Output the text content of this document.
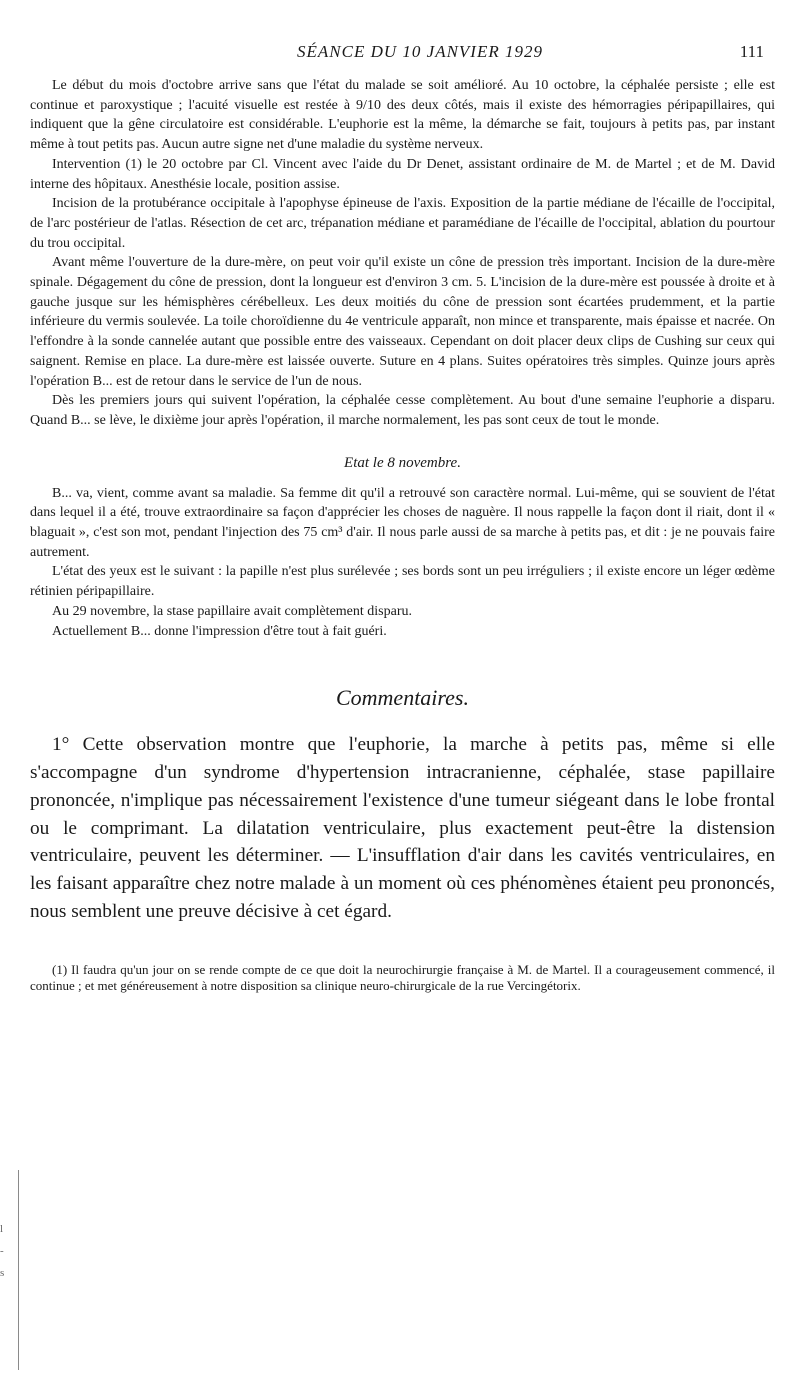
SÉANCE DU 10 JANVIER 1929	111

Le début du mois d'octobre arrive sans que l'état du malade se soit amélioré. Au 10 octobre, la céphalée persiste ; elle est continue et paroxystique ; l'acuité visuelle est restée à 9/10 des deux côtés, mais il existe des hémorragies péripapillaires, qui indiquent que la gêne circulatoire est considérable. L'euphorie est la même, la démarche se fait, toujours à petits pas, par instant même à tout petits pas. Aucun autre signe net d'une maladie du système nerveux.

Intervention (1) le 20 octobre par Cl. Vincent avec l'aide du Dr Denet, assistant ordinaire de M. de Martel ; et de M. David interne des hôpitaux. Anesthésie locale, position assise.

Incision de la protubérance occipitale à l'apophyse épineuse de l'axis. Exposition de la partie médiane de l'écaille de l'occipital, de l'arc postérieur de l'atlas. Résection de cet arc, trépanation médiane et paramédiane de l'écaille de l'occipital, ablation du pourtour du trou occipital.

Avant même l'ouverture de la dure-mère, on peut voir qu'il existe un cône de pression très important. Incision de la dure-mère spinale. Dégagement du cône de pression, dont la longueur est d'environ 3 cm. 5. L'incision de la dure-mère est poussée à droite et à gauche jusque sur les hémisphères cérébelleux. Les deux moitiés du cône de pression sont écartées prudemment, et la partie inférieure du vermis soulevée. La toile choroïdienne du 4e ventricule apparaît, non mince et transparente, mais épaisse et nacrée. On l'effondre à la sonde cannelée autant que possible entre des vaisseaux. Cependant on doit placer deux clips de Cushing sur ceux qui saignent. Remise en place. La dure-mère est laissée ouverte. Suture en 4 plans. Suites opératoires très simples. Quinze jours après l'opération B... est de retour dans le service de l'un de nous.

Dès les premiers jours qui suivent l'opération, la céphalée cesse complètement. Au bout d'une semaine l'euphorie a disparu. Quand B... se lève, le dixième jour après l'opération, il marche normalement, les pas sont ceux de tout le monde.

Etat le 8 novembre.

B... va, vient, comme avant sa maladie. Sa femme dit qu'il a retrouvé son caractère normal. Lui-même, qui se souvient de l'état dans lequel il a été, trouve extraordinaire sa façon d'apprécier les choses de naguère. Il nous rappelle la façon dont il riait, dont il « blaguait », c'est son mot, pendant l'injection des 75 cm³ d'air. Il nous parle aussi de sa marche à petits pas, et dit : je ne pouvais faire autrement.

L'état des yeux est le suivant : la papille n'est plus surélevée ; ses bords sont un peu irréguliers ; il existe encore un léger œdème rétinien péripapillaire.

Au 29 novembre, la stase papillaire avait complètement disparu.

Actuellement B... donne l'impression d'être tout à fait guéri.

Commentaires.

1° Cette observation montre que l'euphorie, la marche à petits pas, même si elle s'accompagne d'un syndrome d'hypertension intracranienne, céphalée, stase papillaire prononcée, n'implique pas nécessairement l'existence d'une tumeur siégeant dans le lobe frontal ou le comprimant. La dilatation ventriculaire, plus exactement peut-être la distension ventriculaire, peuvent les déterminer. — L'insufflation d'air dans les cavités ventriculaires, en les faisant apparaître chez notre malade à un moment où ces phénomènes étaient peu prononcés, nous semblent une preuve décisive à cet égard.

(1) Il faudra qu'un jour on se rende compte de ce que doit la neurochirurgie française à M. de Martel. Il a courageusement commencé, il continue ; et met généreusement à notre disposition sa clinique neuro-chirurgicale de la rue Vercingétorix.

l
-
s
